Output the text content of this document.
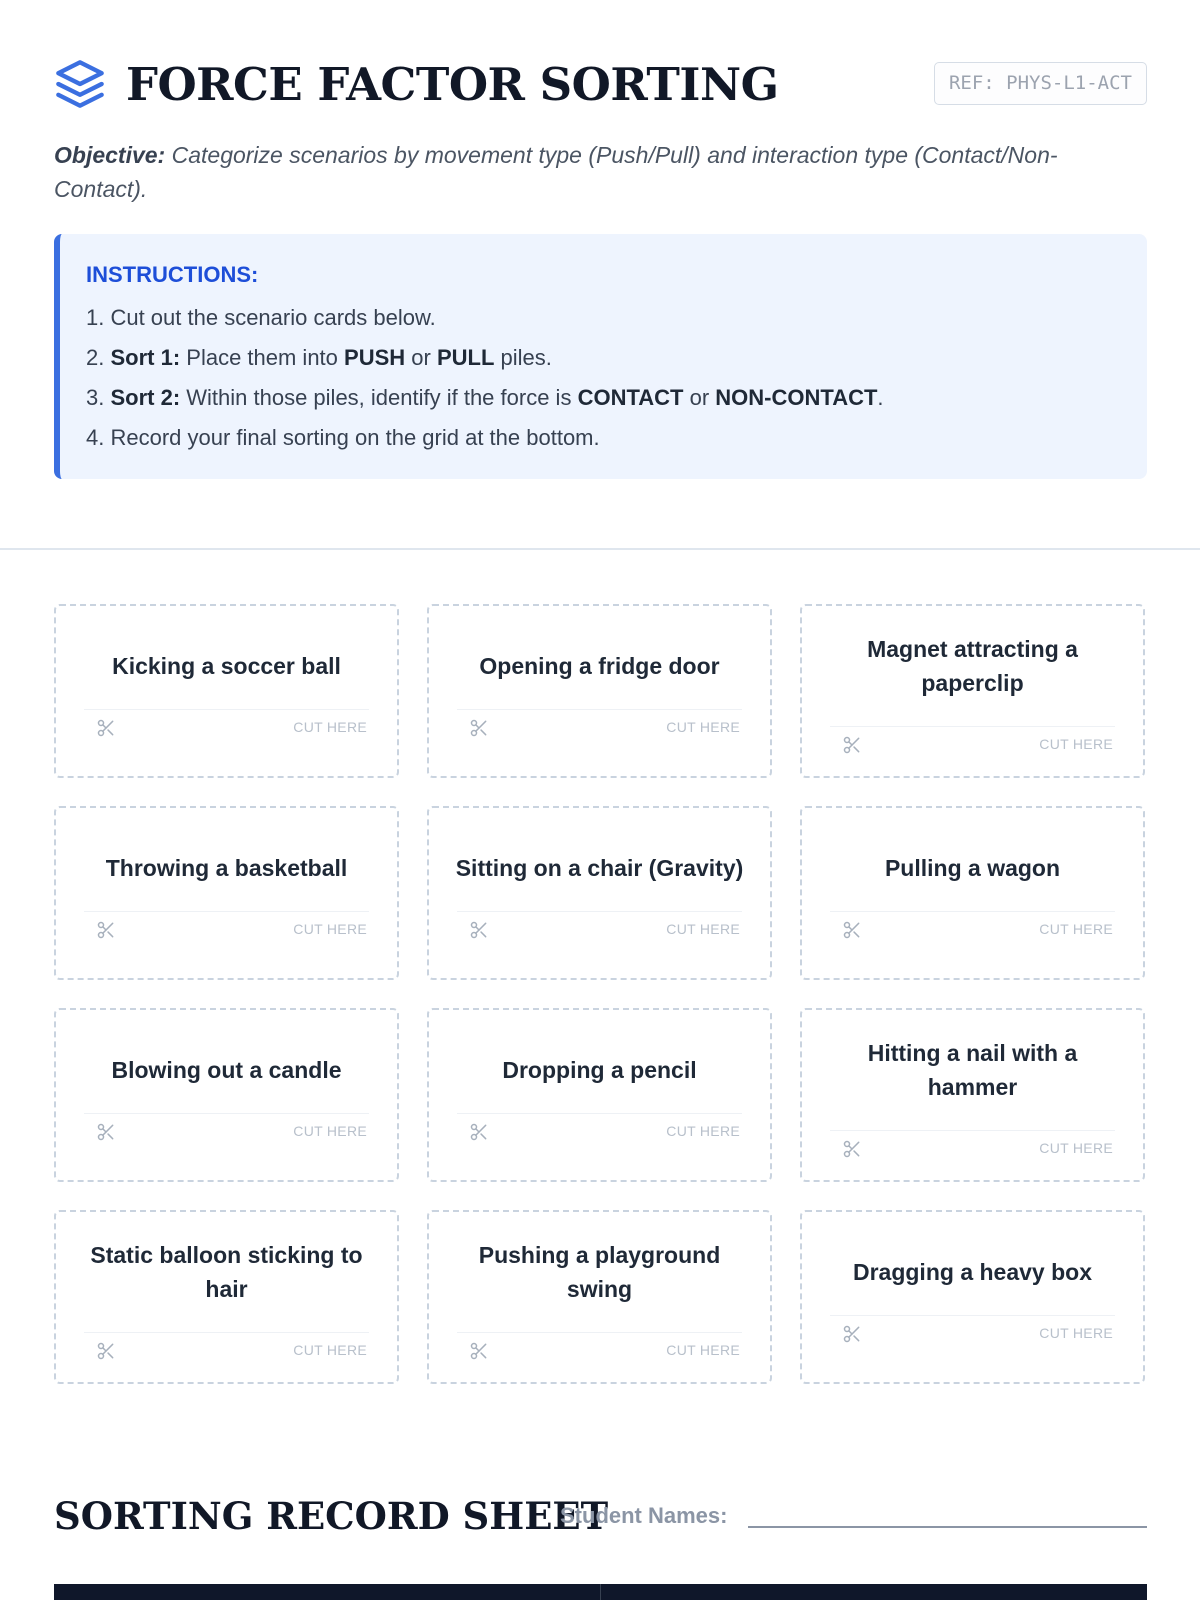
FORCE FACTOR SORTING	REF: PHYS-L1-ACT

Objective: Categorize scenarios by movement type (Push/Pull) and interaction type (Contact/Non-Contact).

INSTRUCTIONS:
1. Cut out the scenario cards below.
2. Sort 1: Place them into PUSH or PULL piles.
3. Sort 2: Within those piles, identify if the force is CONTACT or NON-CONTACT.
4. Record your final sorting on the grid at the bottom.
Kicking a soccer ball
CUT HERE
Opening a fridge door
CUT HERE
Magnet attracting a paperclip
CUT HERE
Throwing a basketball
CUT HERE
Sitting on a chair (Gravity)
CUT HERE
Pulling a wagon
CUT HERE
Blowing out a candle
CUT HERE
Dropping a pencil
CUT HERE
Hitting a nail with a hammer
CUT HERE
Static balloon sticking to hair
CUT HERE
Pushing a playground swing
CUT HERE
Dragging a heavy box
CUT HERE
SORTING RECORD SHEET
Student Names:
